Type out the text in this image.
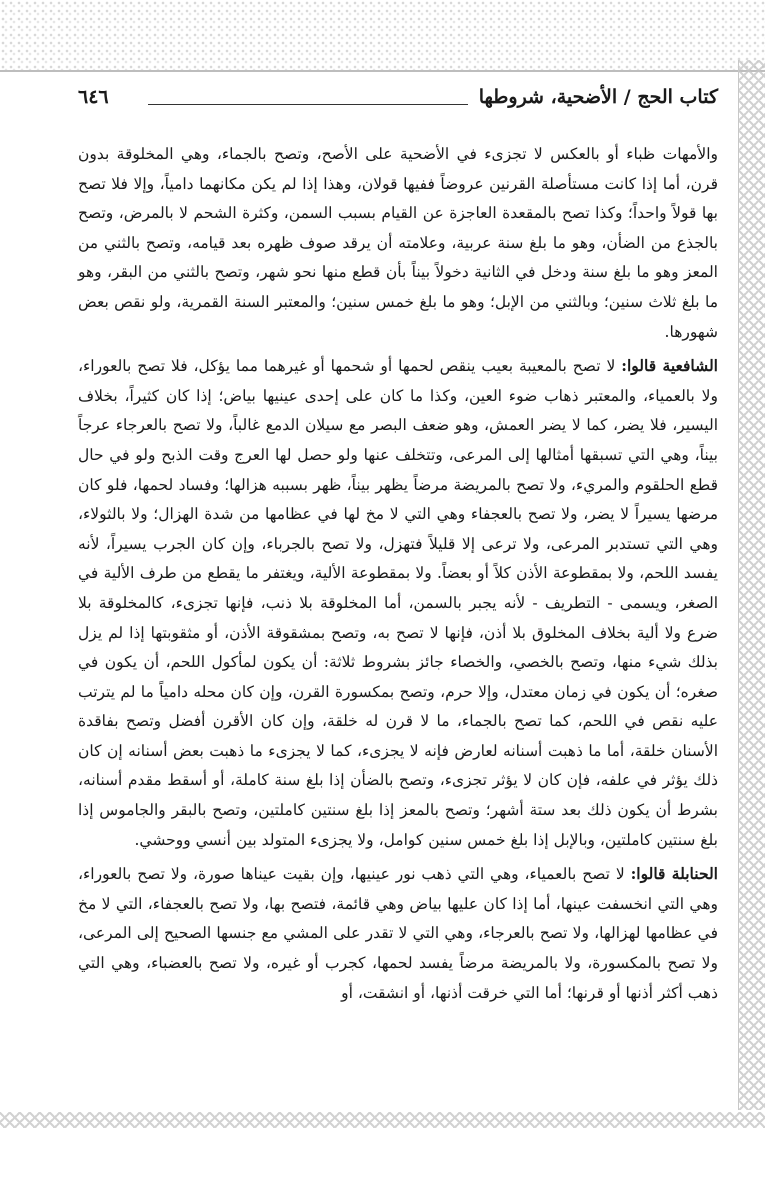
كتاب الحج / الأضحية، شروطها
٦٤٦

والأمهات ظباء أو بالعكس لا تجزىء في الأضحية على الأصح، وتصح بالجماء، وهي المخلوقة بدون قرن، أما إذا كانت مستأصلة القرنين عروضاً ففيها قولان، وهذا إذا لم يكن مكانهما دامياً، وإلا فلا تصح بها قولاً واحداً؛ وكذا تصح بالمقعدة العاجزة عن القيام بسبب السمن، وكثرة الشحم لا بالمرض، وتصح بالجذع من الضأن، وهو ما بلغ سنة عربية، وعلامته أن يرقد صوف ظهره بعد قيامه، وتصح بالثني من المعز وهو ما بلغ سنة ودخل في الثانية دخولاً بيناً بأن قطع منها نحو شهر، وتصح بالثني من البقر، وهو ما بلغ ثلاث سنين؛ وبالثني من الإبل؛ وهو ما بلغ خمس سنين؛ والمعتبر السنة القمرية، ولو نقص بعض شهورها.

الشافعية قالوا: لا تصح بالمعيبة بعيب ينقص لحمها أو شحمها أو غيرهما مما يؤكل، فلا تصح بالعوراء، ولا بالعمياء، والمعتبر ذهاب ضوء العين، وكذا ما كان على إحدى عينيها بياض؛ إذا كان كثيراً، بخلاف اليسير، فلا يضر، كما لا يضر العمش، وهو ضعف البصر مع سيلان الدمع غالباً، ولا تصح بالعرجاء عرجاً بيناً، وهي التي تسبقها أمثالها إلى المرعى، وتتخلف عنها ولو حصل لها العرج وقت الذبح ولو في حال قطع الحلقوم والمريء، ولا تصح بالمريضة مرضاً يظهر بيناً، ظهر بسببه هزالها؛ وفساد لحمها، فلو كان مرضها يسيراً لا يضر، ولا تصح بالعجفاء وهي التي لا مخ لها في عظامها من شدة الهزال؛ ولا بالثولاء، وهي التي تستدبر المرعى، ولا ترعى إلا قليلاً فتهزل، ولا تصح بالجرباء، وإن كان الجرب يسيراً، لأنه يفسد اللحم، ولا بمقطوعة الأذن كلاً أو بعضاً. ولا بمقطوعة الألية، ويغتفر ما يقطع من طرف الألية في الصغر، ويسمى - التطريف - لأنه يجبر بالسمن، أما المخلوقة بلا ذنب، فإنها تجزىء، كالمخلوقة بلا ضرع ولا ألية بخلاف المخلوق بلا أذن، فإنها لا تصح به، وتصح بمشقوقة الأذن، أو مثقوبتها إذا لم يزل بذلك شيء منها، وتصح بالخصي، والخصاء جائز بشروط ثلاثة: أن يكون لمأكول اللحم، أن يكون في صغره؛ أن يكون في زمان معتدل، وإلا حرم، وتصح بمكسورة القرن، وإن كان محله دامياً ما لم يترتب عليه نقص في اللحم، كما تصح بالجماء، ما لا قرن له خلقة، وإن كان الأقرن أفضل وتصح بفاقدة الأسنان خلقة، أما ما ذهبت أسنانه لعارض فإنه لا يجزىء، كما لا يجزىء ما ذهبت بعض أسنانه إن كان ذلك يؤثر في علفه، فإن كان لا يؤثر تجزىء، وتصح بالضأن إذا بلغ سنة كاملة، أو أسقط مقدم أسنانه، بشرط أن يكون ذلك بعد ستة أشهر؛ وتصح بالمعز إذا بلغ سنتين كاملتين، وتصح بالبقر والجاموس إذا بلغ سنتين كاملتين، وبالإبل إذا بلغ خمس سنين كوامل، ولا يجزىء المتولد بين أنسي ووحشي.

الحنابلة قالوا: لا تصح بالعمياء، وهي التي ذهب نور عينيها، وإن بقيت عيناها صورة، ولا تصح بالعوراء، وهي التي انخسفت عينها، أما إذا كان عليها بياض وهي قائمة، فتصح بها، ولا تصح بالعجفاء، التي لا مخ في عظامها لهزالها، ولا تصح بالعرجاء، وهي التي لا تقدر على المشي مع جنسها الصحيح إلى المرعى، ولا تصح بالمكسورة، ولا بالمريضة مرضاً يفسد لحمها، كجرب أو غيره، ولا تصح بالعضباء، وهي التي ذهب أكثر أذنها أو قرنها؛ أما التي خرقت أذنها، أو انشقت، أو
